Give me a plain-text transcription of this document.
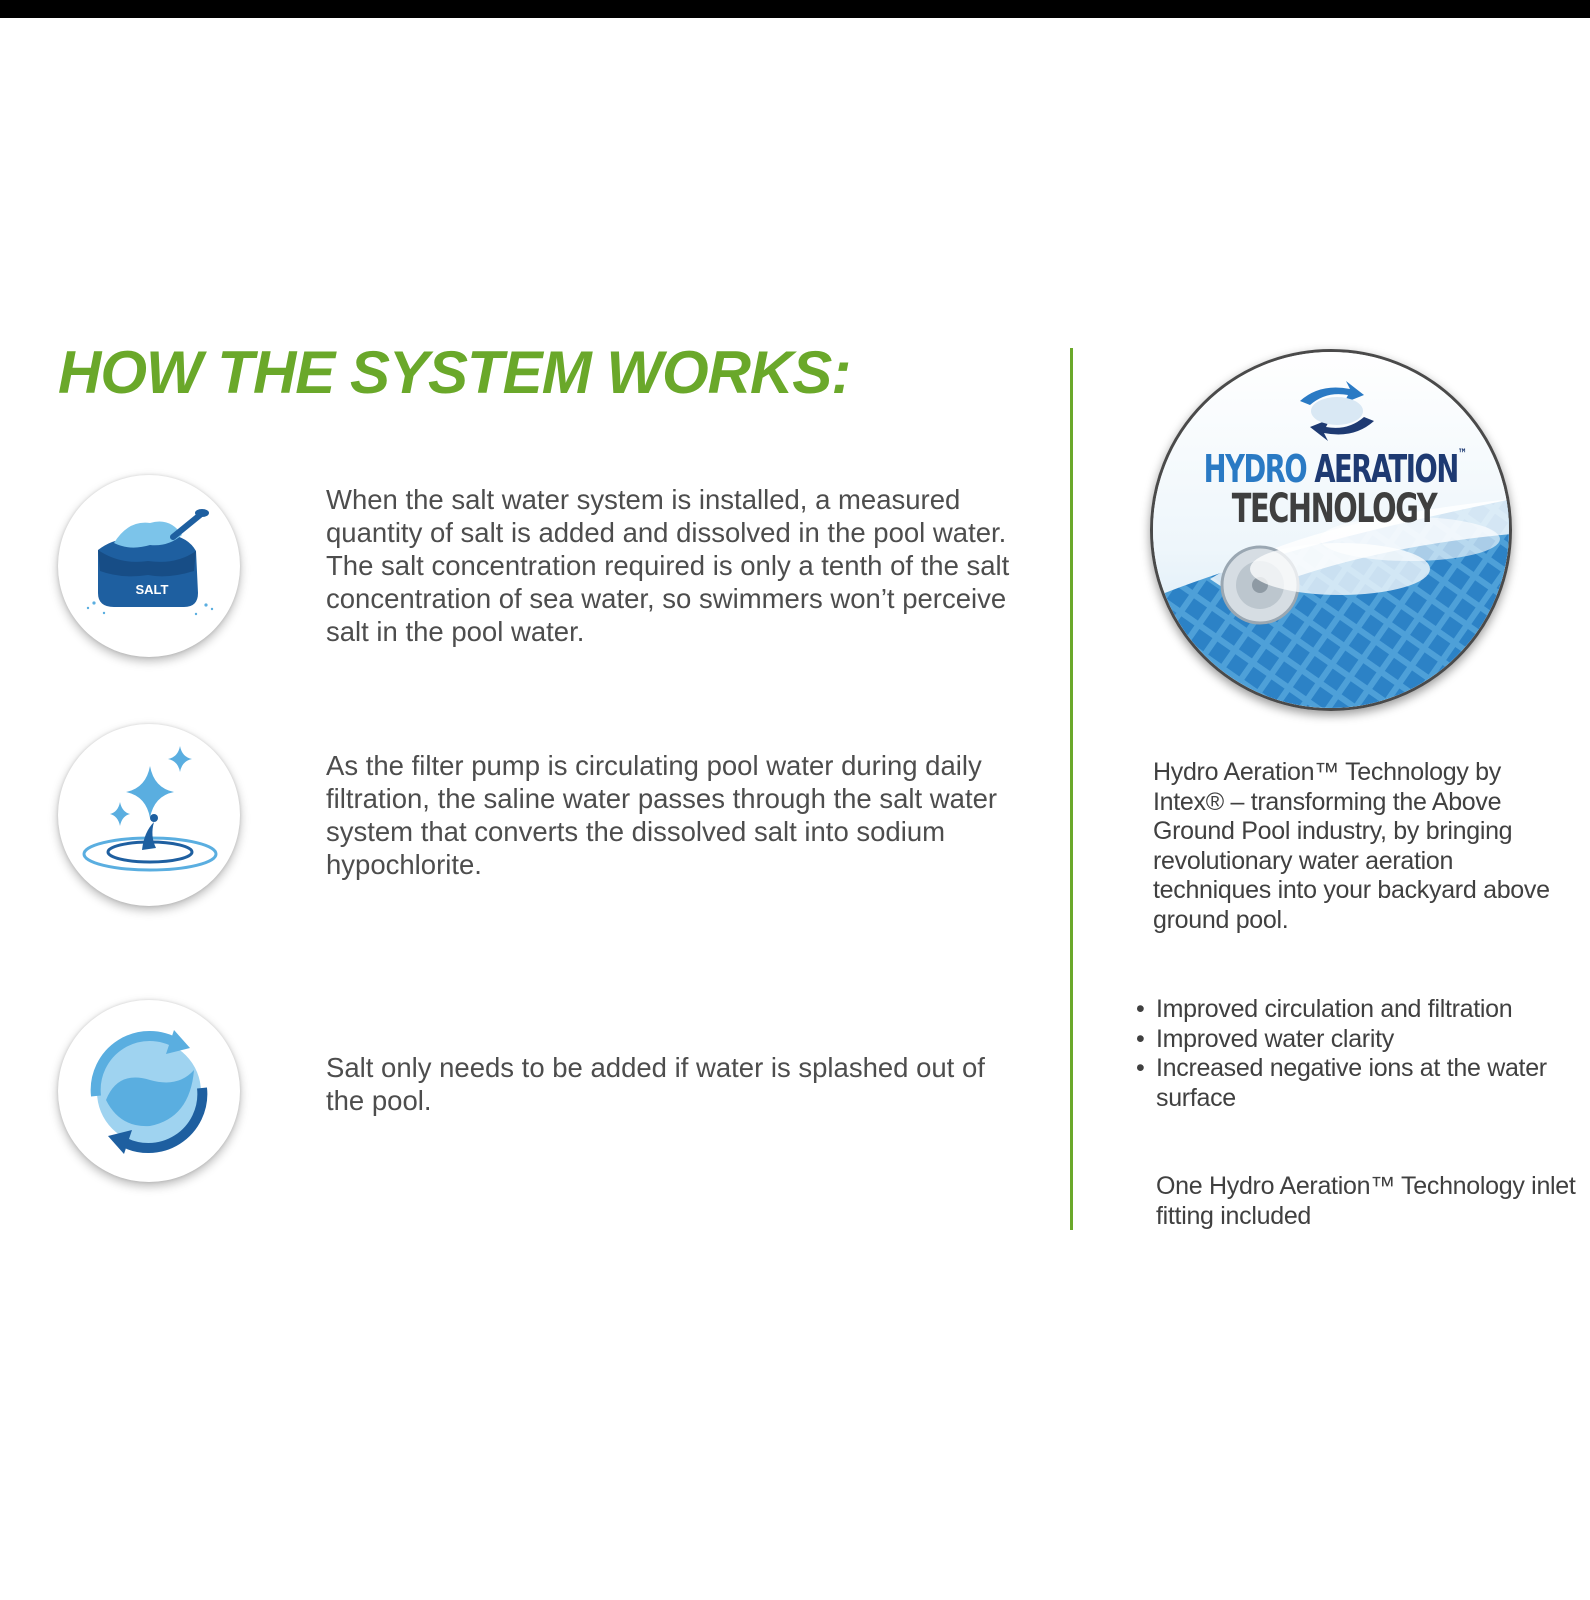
HOW THE SYSTEM WORKS:
SALT

When the salt water system is installed, a measured quantity of salt is added and dissolved in the pool water. The salt concentration required is only a tenth of the salt concentration of sea water, so swimmers won’t perceive salt in the pool water.

As the filter pump is circulating pool water during daily filtration, the saline water passes through the salt water system that converts the dissolved salt into sodium hypochlorite.

Salt only needs to be added if water is splashed out of the pool.

HYDRO AERATION™
TECHNOLOGY

Hydro Aeration™ Technology by Intex® – transforming the Above Ground Pool industry, by bringing revolutionary water aeration techniques into your backyard above ground pool.

• Improved circulation and filtration
• Improved water clarity
• Increased negative ions at the water surface

One Hydro Aeration™ Technology inlet fitting included
